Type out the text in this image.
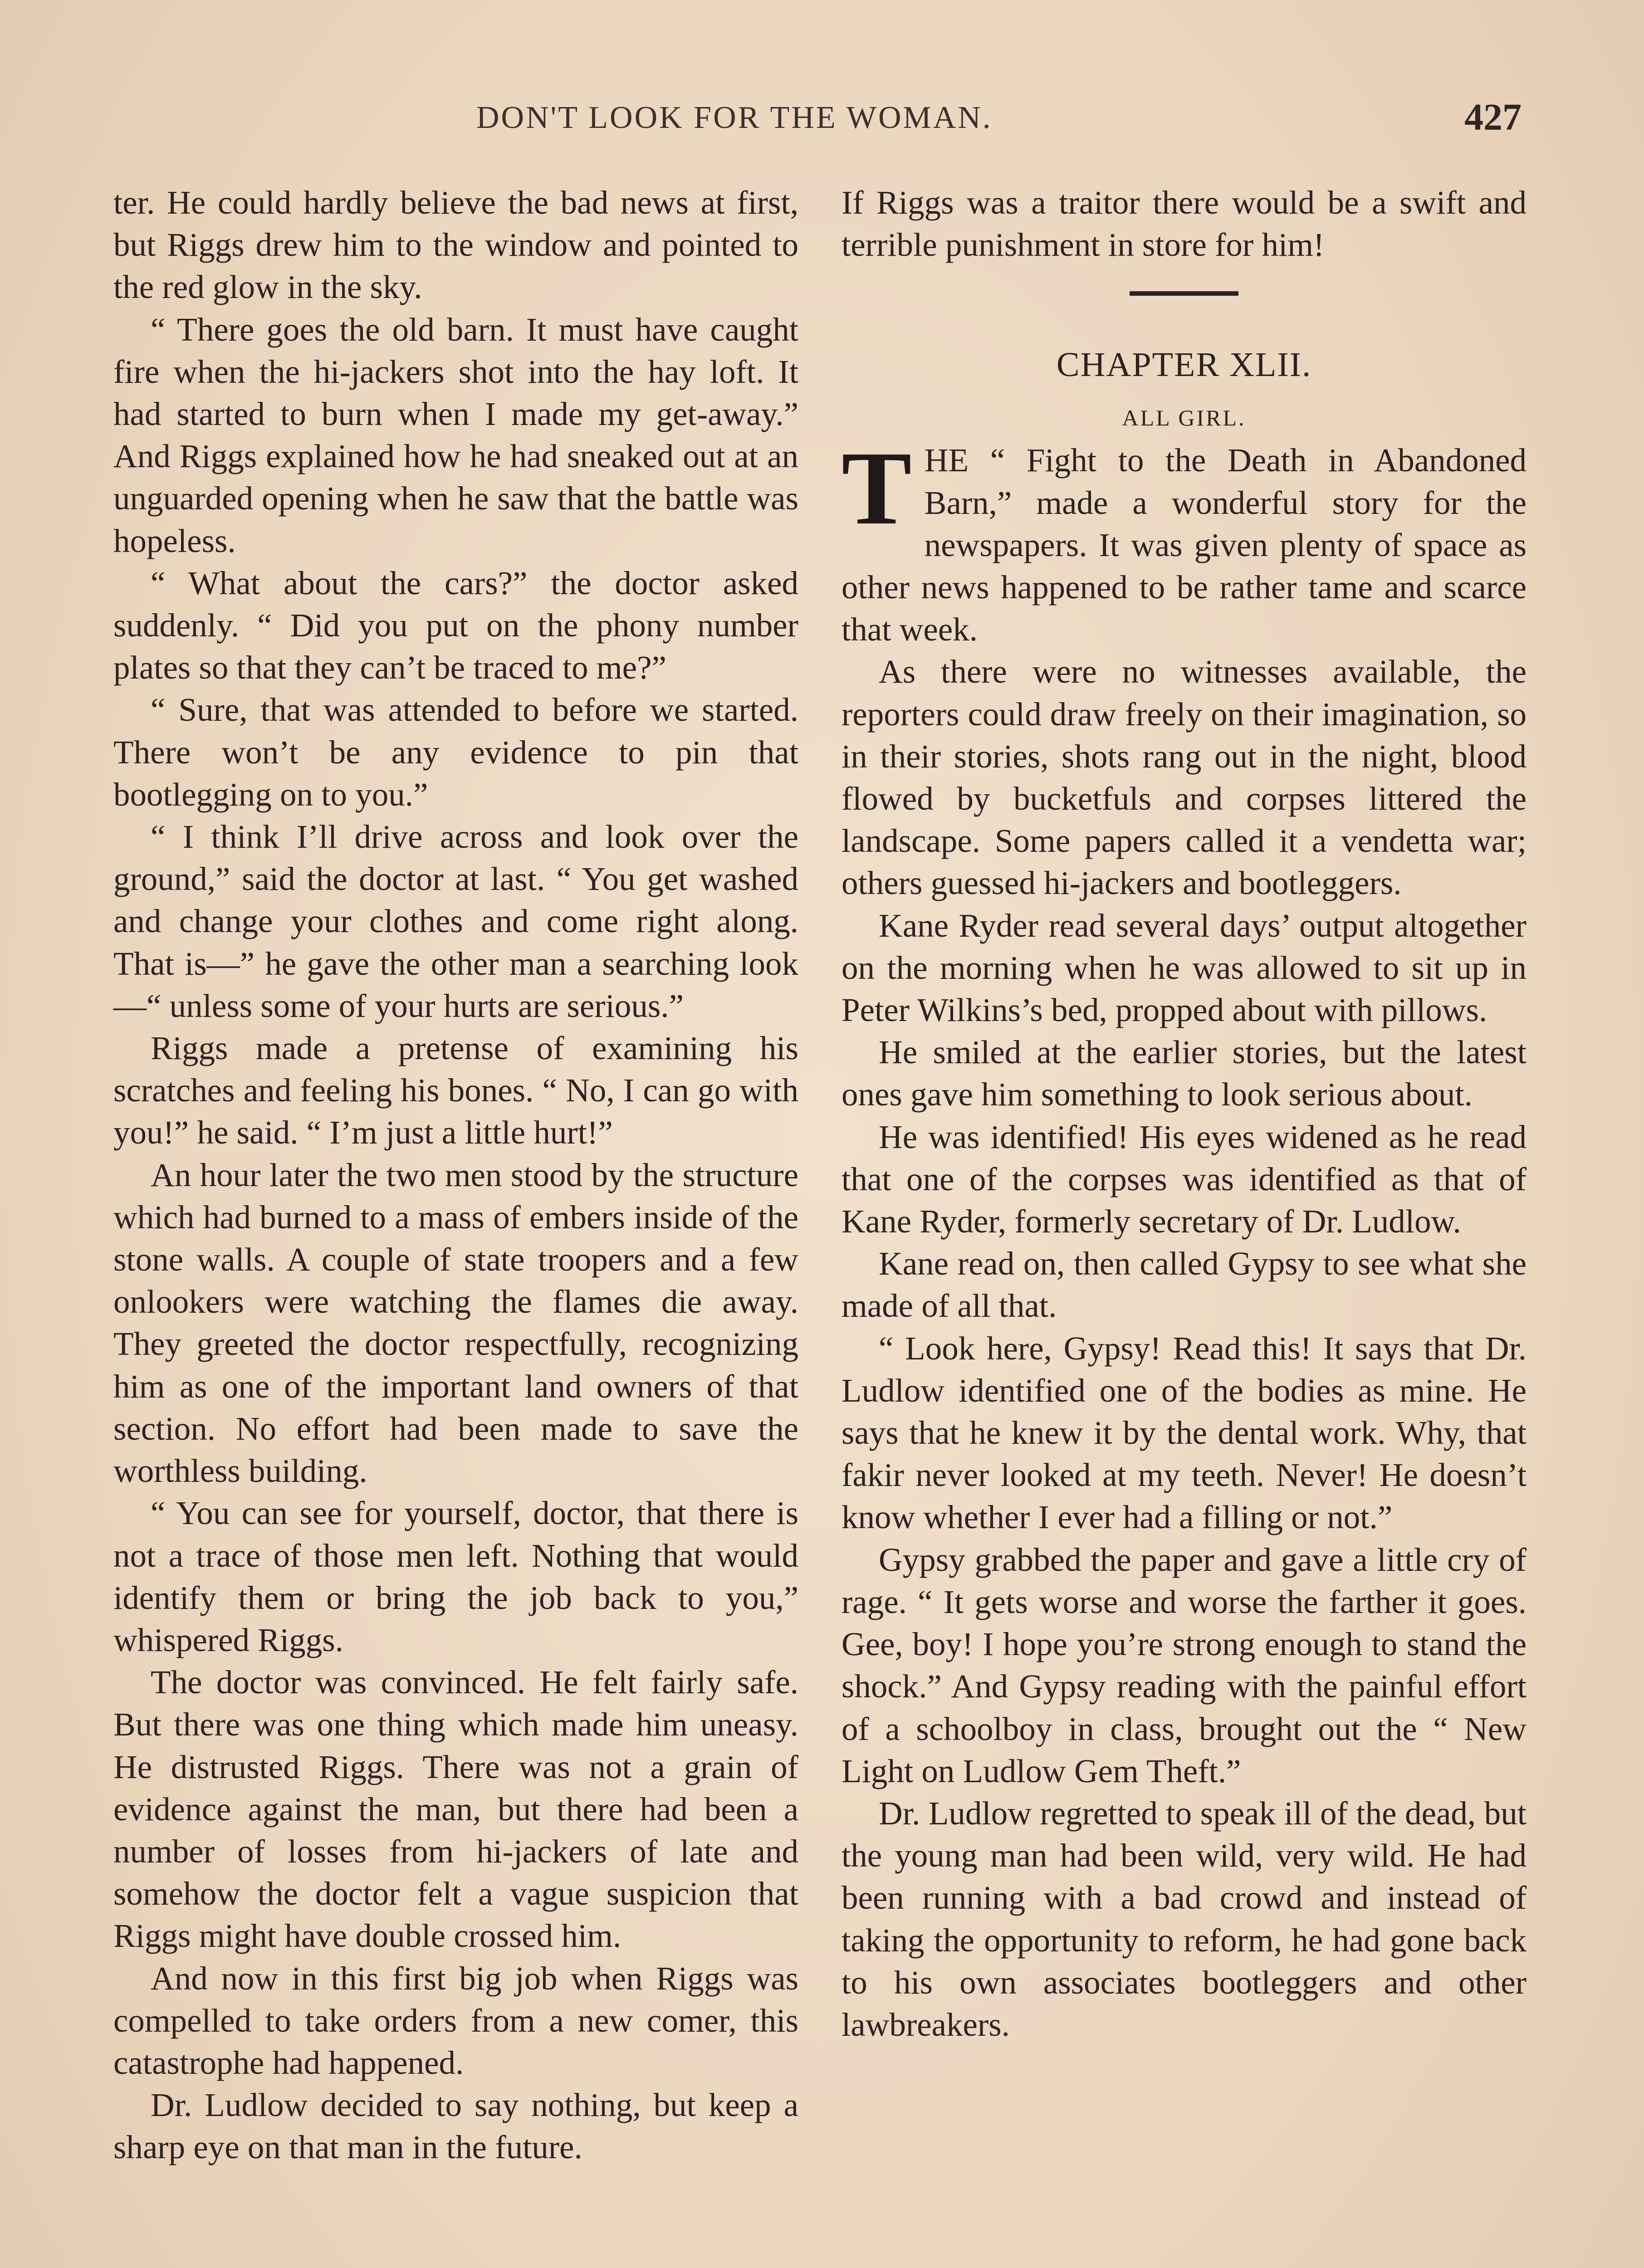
DON'T LOOK FOR THE WOMAN.	427

ter. He could hardly believe the bad news at first, but Riggs drew him to the window and pointed to the red glow in the sky.

“ There goes the old barn. It must have caught fire when the hi-jackers shot into the hay loft. It had started to burn when I made my get-away.” And Riggs explained how he had sneaked out at an unguarded opening when he saw that the battle was hopeless.

“ What about the cars?” the doctor asked suddenly. “ Did you put on the phony number plates so that they can’t be traced to me?”

“ Sure, that was attended to before we started. There won’t be any evidence to pin that bootlegging on to you.”

“ I think I’ll drive across and look over the ground,” said the doctor at last. “ You get washed and change your clothes and come right along. That is—” he gave the other man a searching look—“ unless some of your hurts are serious.”

Riggs made a pretense of examining his scratches and feeling his bones. “ No, I can go with you!” he said. “ I’m just a little hurt!”

An hour later the two men stood by the structure which had burned to a mass of embers inside of the stone walls. A couple of state troopers and a few onlookers were watching the flames die away. They greeted the doctor respectfully, recognizing him as one of the important land owners of that section. No effort had been made to save the worthless building.

“ You can see for yourself, doctor, that there is not a trace of those men left. Nothing that would identify them or bring the job back to you,” whispered Riggs.

The doctor was convinced. He felt fairly safe. But there was one thing which made him uneasy. He distrusted Riggs. There was not a grain of evidence against the man, but there had been a number of losses from hi-jackers of late and somehow the doctor felt a vague suspicion that Riggs might have double crossed him.

And now in this first big job when Riggs was compelled to take orders from a new comer, this catastrophe had happened.

Dr. Ludlow decided to say nothing, but keep a sharp eye on that man in the future.

If Riggs was a traitor there would be a swift and terrible punishment in store for him!

CHAPTER XLII.
ALL GIRL.

THE “ Fight to the Death in Abandoned Barn,” made a wonderful story for the newspapers. It was given plenty of space as other news happened to be rather tame and scarce that week.

As there were no witnesses available, the reporters could draw freely on their imagination, so in their stories, shots rang out in the night, blood flowed by bucketfuls and corpses littered the landscape. Some papers called it a vendetta war; others guessed hi-jackers and bootleggers.

Kane Ryder read several days’ output altogether on the morning when he was allowed to sit up in Peter Wilkins’s bed, propped about with pillows.

He smiled at the earlier stories, but the latest ones gave him something to look serious about.

He was identified! His eyes widened as he read that one of the corpses was identified as that of Kane Ryder, formerly secretary of Dr. Ludlow.

Kane read on, then called Gypsy to see what she made of all that.

“ Look here, Gypsy! Read this! It says that Dr. Ludlow identified one of the bodies as mine. He says that he knew it by the dental work. Why, that fakir never looked at my teeth. Never! He doesn’t know whether I ever had a filling or not.”

Gypsy grabbed the paper and gave a little cry of rage. “ It gets worse and worse the farther it goes. Gee, boy! I hope you’re strong enough to stand the shock.” And Gypsy reading with the painful effort of a schoolboy in class, brought out the “ New Light on Ludlow Gem Theft.”

Dr. Ludlow regretted to speak ill of the dead, but the young man had been wild, very wild. He had been running with a bad crowd and instead of taking the opportunity to reform, he had gone back to his own associates bootleggers and other lawbreakers.
